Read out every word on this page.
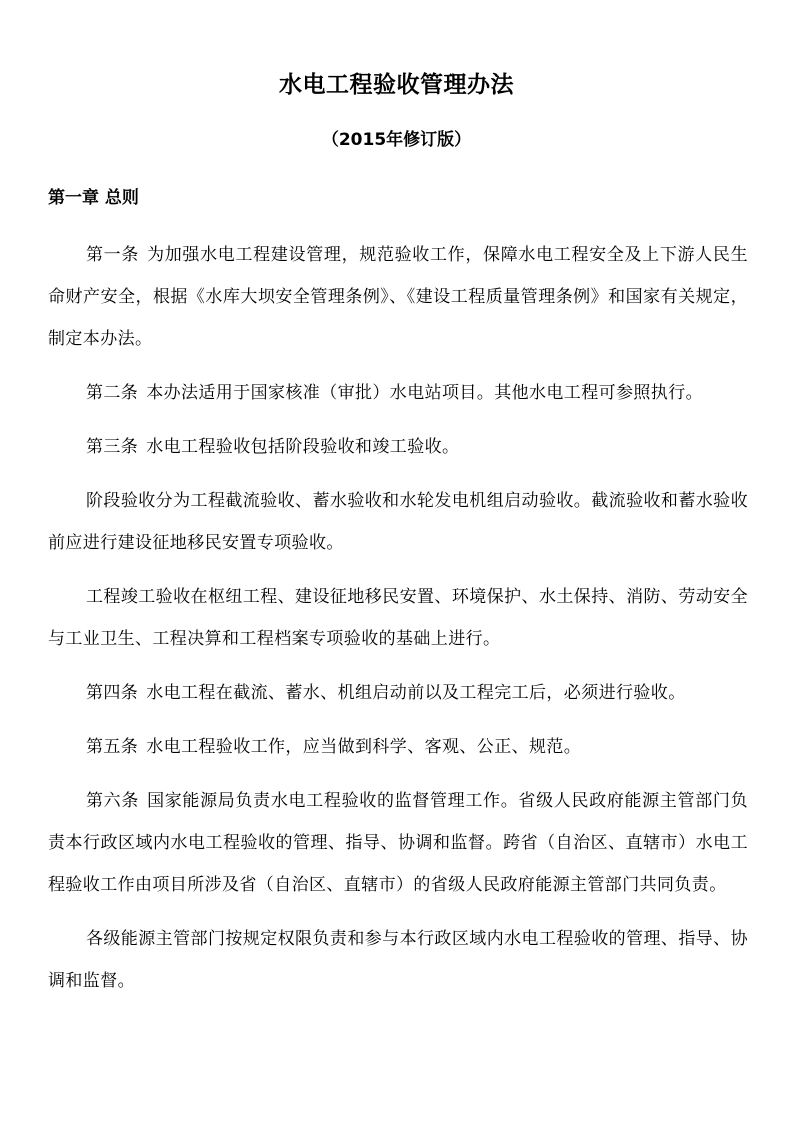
水电工程验收管理办法
（2015年修订版）
第一章 总则

第一条 为加强水电工程建设管理，规范验收工作，保障水电工程安全及上下游人民生命财产安全，根据《水库大坝安全管理条例》、《建设工程质量管理条例》和国家有关规定，制定本办法。

第二条 本办法适用于国家核准（审批）水电站项目。其他水电工程可参照执行。

第三条 水电工程验收包括阶段验收和竣工验收。

阶段验收分为工程截流验收、蓄水验收和水轮发电机组启动验收。截流验收和蓄水验收前应进行建设征地移民安置专项验收。

工程竣工验收在枢纽工程、建设征地移民安置、环境保护、水土保持、消防、劳动安全与工业卫生、工程决算和工程档案专项验收的基础上进行。

第四条 水电工程在截流、蓄水、机组启动前以及工程完工后，必须进行验收。

第五条 水电工程验收工作，应当做到科学、客观、公正、规范。

第六条 国家能源局负责水电工程验收的监督管理工作。省级人民政府能源主管部门负责本行政区域内水电工程验收的管理、指导、协调和监督。跨省（自治区、直辖市）水电工程验收工作由项目所涉及省（自治区、直辖市）的省级人民政府能源主管部门共同负责。

各级能源主管部门按规定权限负责和参与本行政区域内水电工程验收的管理、指导、协调和监督。
